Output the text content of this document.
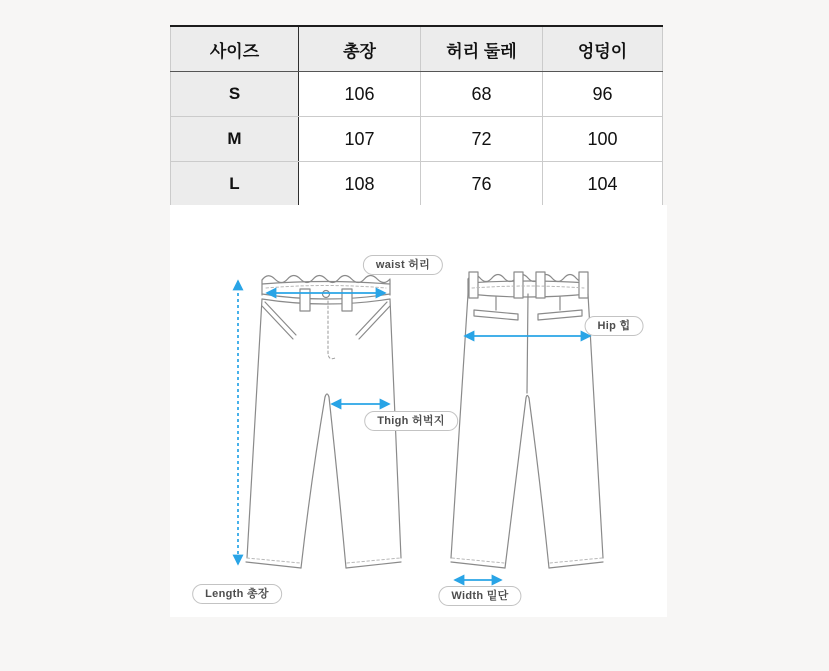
사이즈	총장	허리 둘레	엉덩이
S	106	68	96
M	107	72	100
L	108	76	104
waist 허리
Hip 힙
Thigh 허벅지
Length 총장	Width 밑단
